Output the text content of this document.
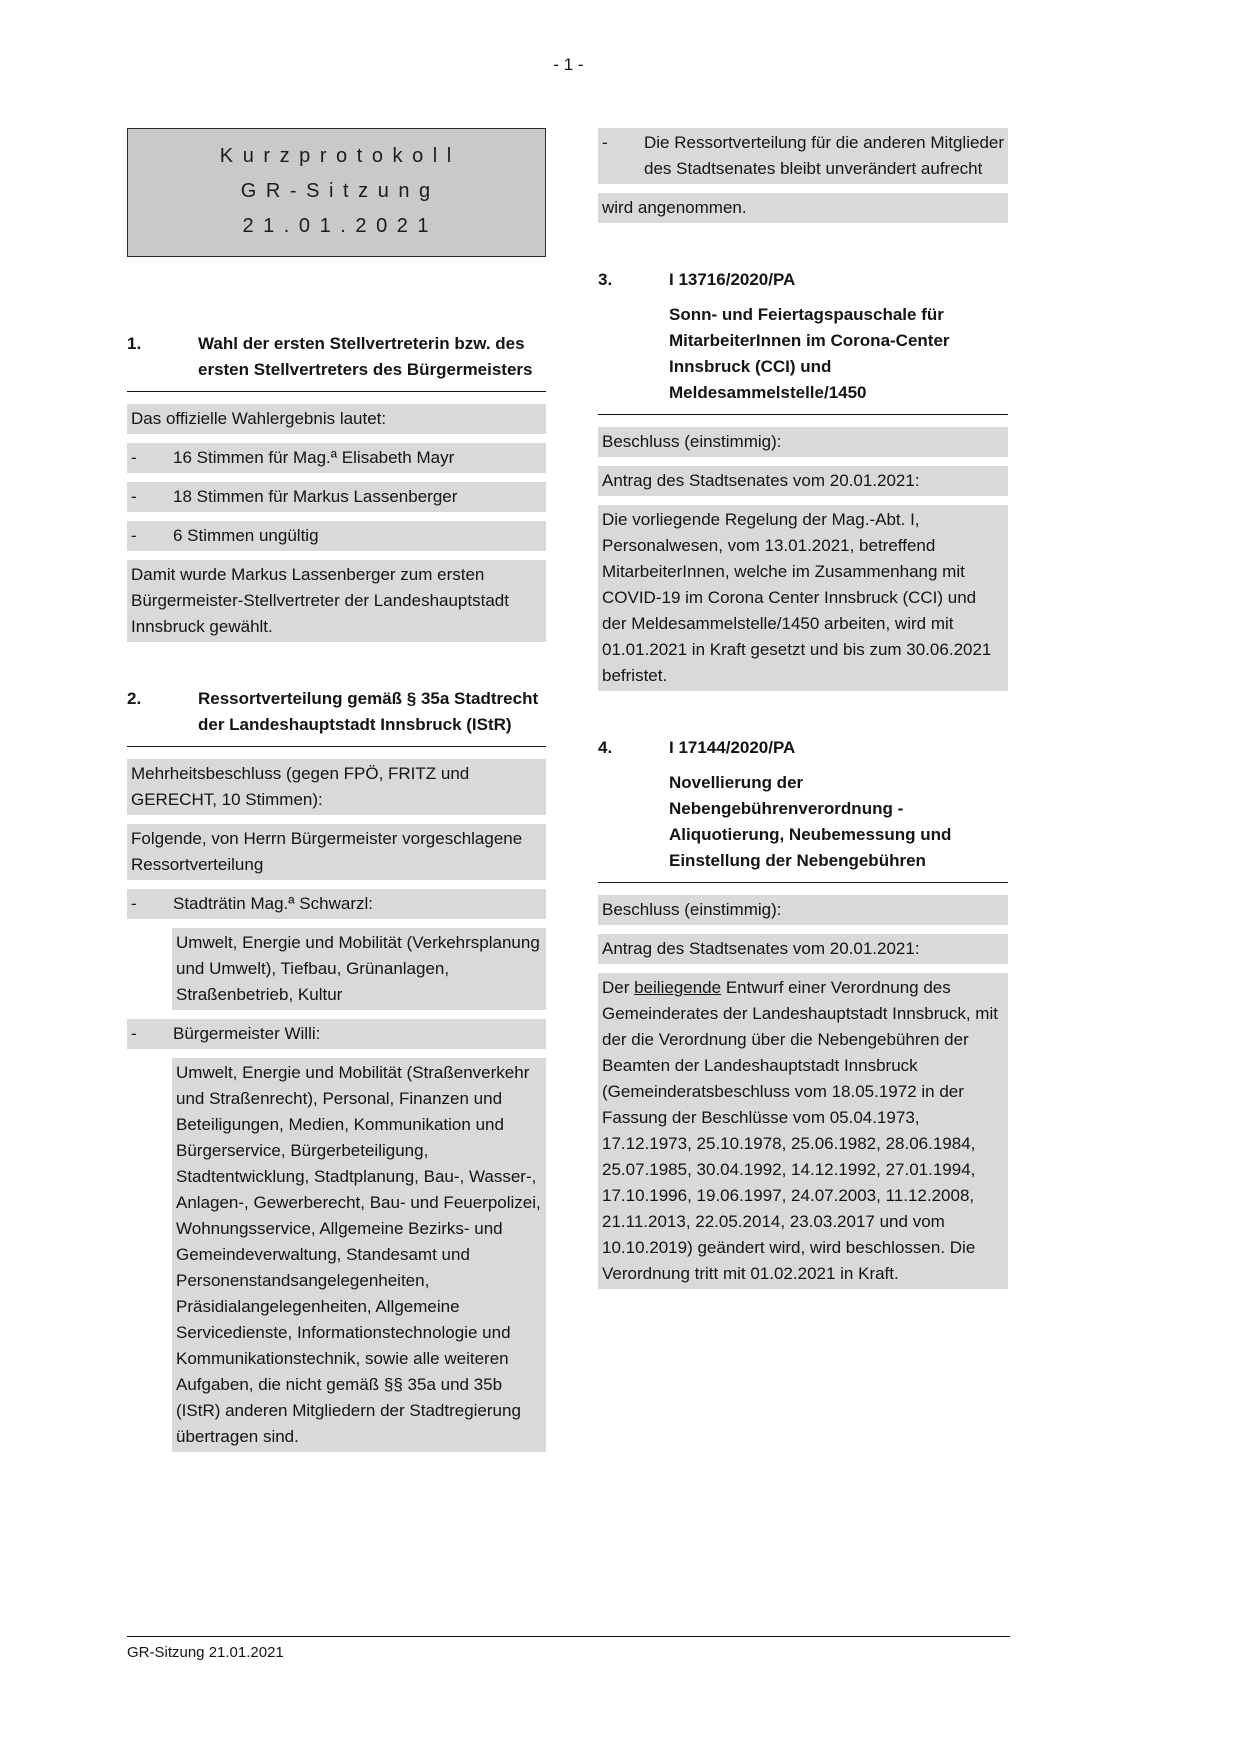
- 1 -
K u r z p r o t o k o l l
G R - S i t z u n g
2 1 . 0 1 . 2 0 2 1
1.	Wahl der ersten Stellvertreterin bzw. des ersten Stellvertreters des Bürgermeisters

Das offizielle Wahlergebnis lautet:

-	16 Stimmen für Mag.ª Elisabeth Mayr
-	18 Stimmen für Markus Lassenberger
-	6 Stimmen ungültig

Damit wurde Markus Lassenberger zum ersten Bürgermeister-Stellvertreter der Landeshauptstadt Innsbruck gewählt.

2.	Ressortverteilung gemäß § 35a Stadtrecht der Landeshauptstadt Innsbruck (IStR)

Mehrheitsbeschluss (gegen FPÖ, FRITZ und GERECHT, 10 Stimmen):

Folgende, von Herrn Bürgermeister vorgeschlagene Ressortverteilung

-	Stadträtin Mag.ª Schwarzl:

Umwelt, Energie und Mobilität (Verkehrsplanung und Umwelt), Tiefbau, Grünanlagen, Straßenbetrieb, Kultur

-	Bürgermeister Willi:

Umwelt, Energie und Mobilität (Straßenverkehr und Straßenrecht), Personal, Finanzen und Beteiligungen, Medien, Kommunikation und Bürgerservice, Bürgerbeteiligung, Stadtentwicklung, Stadtplanung, Bau-, Wasser-, Anlagen-, Gewerberecht, Bau- und Feuerpolizei, Wohnungsservice, Allgemeine Bezirks- und Gemeindeverwaltung, Standesamt und Personenstandsangelegenheiten, Präsidialangelegenheiten, Allgemeine Servicedienste, Informationstechnologie und Kommunikationstechnik, sowie alle weiteren Aufgaben, die nicht gemäß §§ 35a und 35b (IStR) anderen Mitgliedern der Stadtregierung übertragen sind.

-	Die Ressortverteilung für die anderen Mitglieder des Stadtsenates bleibt unverändert aufrecht

wird angenommen.

3.	I 13716/2020/PA
Sonn- und Feiertagspauschale für MitarbeiterInnen im Corona-Center Innsbruck (CCI) und Meldesammelstelle/1450

Beschluss (einstimmig):

Antrag des Stadtsenates vom 20.01.2021:

Die vorliegende Regelung der Mag.-Abt. I, Personalwesen, vom 13.01.2021, betreffend MitarbeiterInnen, welche im Zusammenhang mit COVID-19 im Corona Center Innsbruck (CCI) und der Meldesammelstelle/1450 arbeiten, wird mit 01.01.2021 in Kraft gesetzt und bis zum 30.06.2021 befristet.

4.	I 17144/2020/PA
Novellierung der Nebengebührenverordnung - Aliquotierung, Neubemessung und Einstellung der Nebengebühren

Beschluss (einstimmig):

Antrag des Stadtsenates vom 20.01.2021:

Der beiliegende Entwurf einer Verordnung des Gemeinderates der Landeshauptstadt Innsbruck, mit der die Verordnung über die Nebengebühren der Beamten der Landeshauptstadt Innsbruck (Gemeinderatsbeschluss vom 18.05.1972 in der Fassung der Beschlüsse vom 05.04.1973, 17.12.1973, 25.10.1978, 25.06.1982, 28.06.1984, 25.07.1985, 30.04.1992, 14.12.1992, 27.01.1994, 17.10.1996, 19.06.1997, 24.07.2003, 11.12.2008, 21.11.2013, 22.05.2014, 23.03.2017 und vom 10.10.2019) geändert wird, wird beschlossen. Die Verordnung tritt mit 01.02.2021 in Kraft.

GR-Sitzung 21.01.2021
